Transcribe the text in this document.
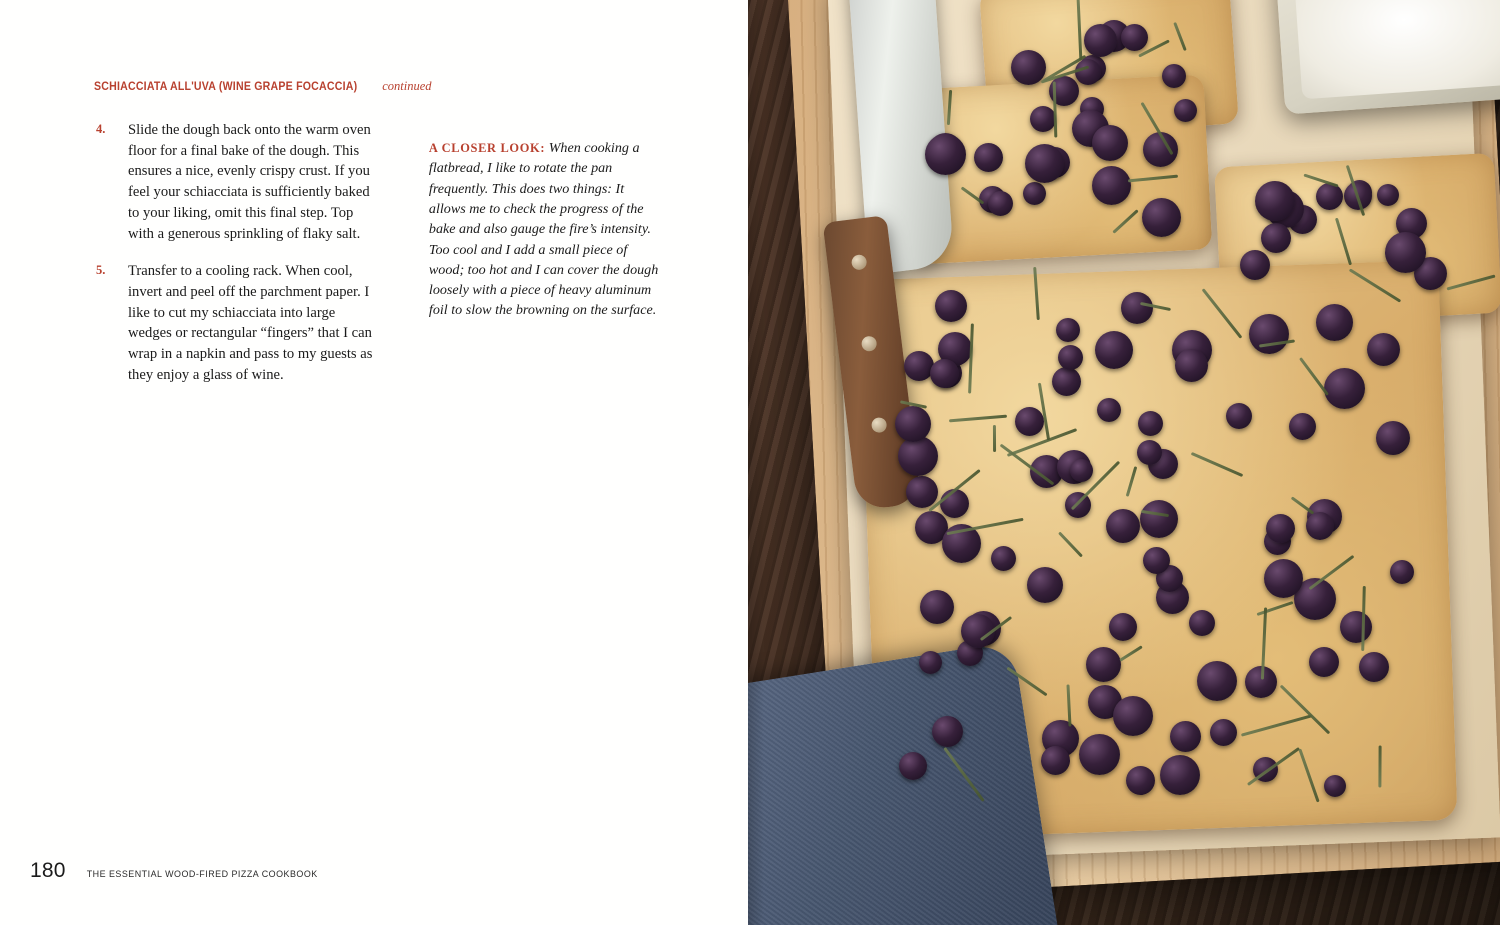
SCHIACCIATA ALL'UVA (WINE GRAPE FOCACCIA) continued
4.	Slide the dough back onto the warm oven floor for a final bake of the dough. This ensures a nice, evenly crispy crust. If you feel your schiacciata is sufficiently baked to your liking, omit this final step. Top with a generous sprinkling of flaky salt.
5.	Transfer to a cooling rack. When cool, invert and peel off the parchment paper. I like to cut my schiacciata into large wedges or rectangular “fingers” that I can wrap in a napkin and pass to my guests as they enjoy a glass of wine.

A CLOSER LOOK: When cooking a flatbread, I like to rotate the pan frequently. This does two things: It allows me to check the progress of the bake and also gauge the fire’s intensity. Too cool and I add a small piece of wood; too hot and I can cover the dough loosely with a piece of heavy aluminum foil to slow the browning on the surface.

180 THE ESSENTIAL WOOD-FIRED PIZZA COOKBOOK
